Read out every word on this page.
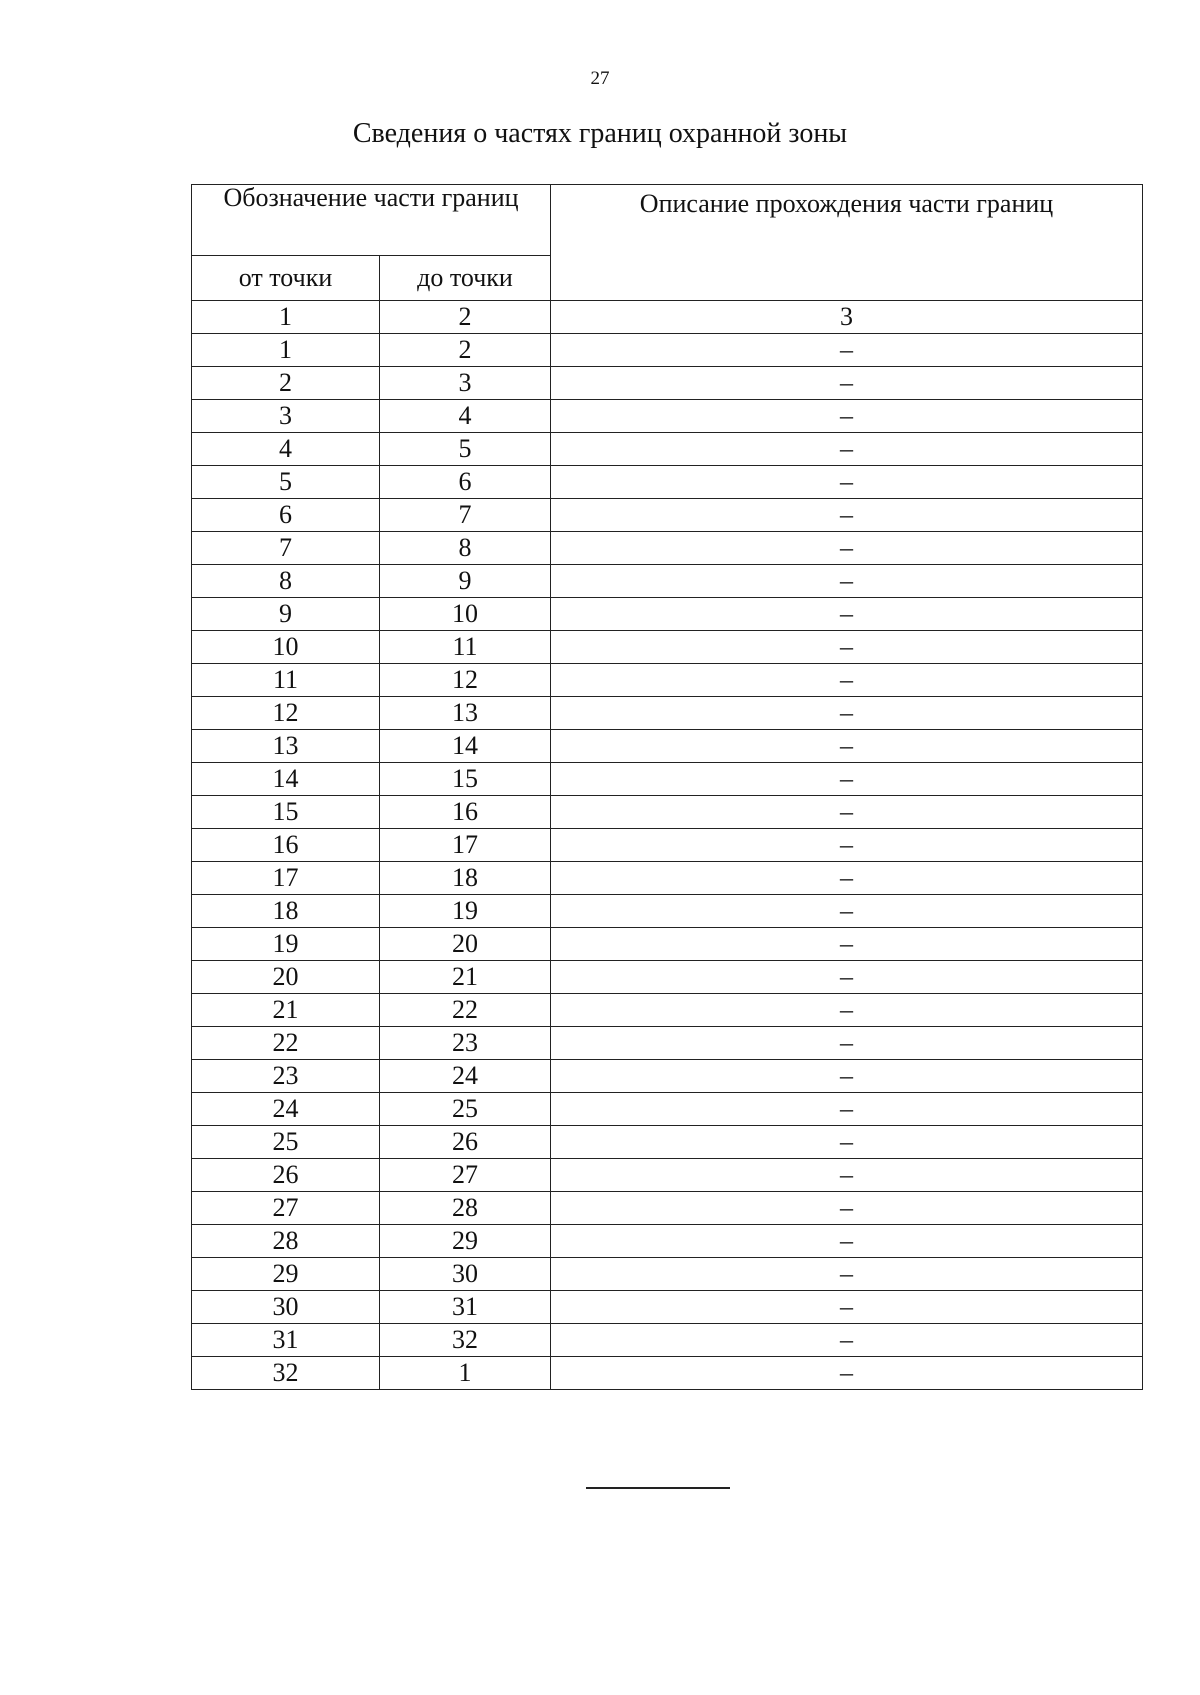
27
Сведения о частях границ охранной зоны
Обозначение части границ		Описание прохождения части границ
от точки	до точки	
1	2	3
1	2	–
2	3	–
3	4	–
4	5	–
5	6	–
6	7	–
7	8	–
8	9	–
9	10	–
10	11	–
11	12	–
12	13	–
13	14	–
14	15	–
15	16	–
16	17	–
17	18	–
18	19	–
19	20	–
20	21	–
21	22	–
22	23	–
23	24	–
24	25	–
25	26	–
26	27	–
27	28	–
28	29	–
29	30	–
30	31	–
31	32	–
32	1	–
